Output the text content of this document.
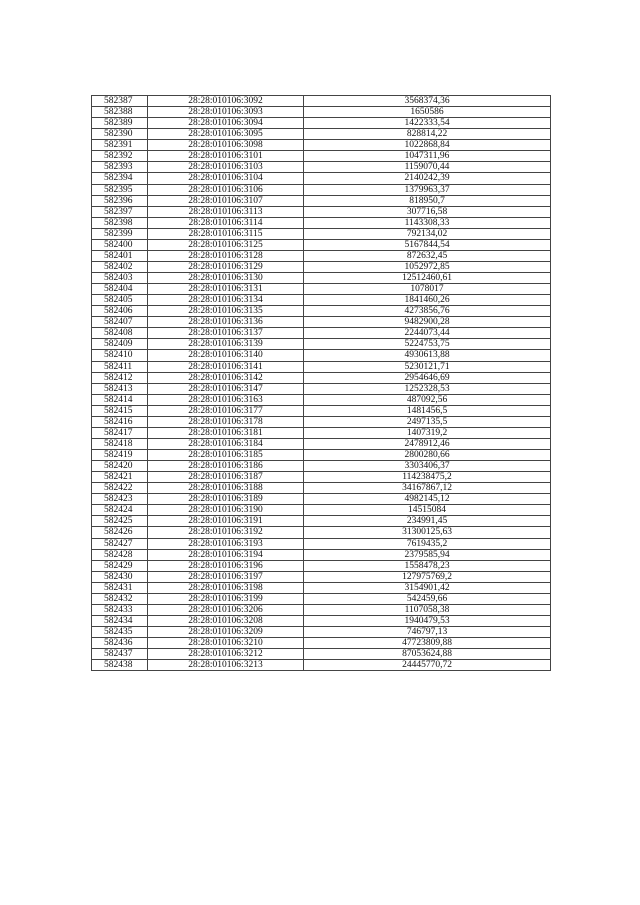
582387	28:28:010106:3092	3568374,36
582388	28:28:010106:3093	1650586
582389	28:28:010106:3094	1422333,54
582390	28:28:010106:3095	828814,22
582391	28:28:010106:3098	1022868,84
582392	28:28:010106:3101	1047311,96
582393	28:28:010106:3103	1159070,44
582394	28:28:010106:3104	2140242,39
582395	28:28:010106:3106	1379963,37
582396	28:28:010106:3107	818950,7
582397	28:28:010106:3113	307716,58
582398	28:28:010106:3114	1143308,33
582399	28:28:010106:3115	792134,02
582400	28:28:010106:3125	5167844,54
582401	28:28:010106:3128	872632,45
582402	28:28:010106:3129	1052972,85
582403	28:28:010106:3130	12512460,61
582404	28:28:010106:3131	1078017
582405	28:28:010106:3134	1841460,26
582406	28:28:010106:3135	4273856,76
582407	28:28:010106:3136	9482900,28
582408	28:28:010106:3137	2244073,44
582409	28:28:010106:3139	5224753,75
582410	28:28:010106:3140	4930613,88
582411	28:28:010106:3141	5230121,71
582412	28:28:010106:3142	2954646,69
582413	28:28:010106:3147	1252328,53
582414	28:28:010106:3163	487092,56
582415	28:28:010106:3177	1481456,5
582416	28:28:010106:3178	2497135,5
582417	28:28:010106:3181	1407319,2
582418	28:28:010106:3184	2478912,46
582419	28:28:010106:3185	2800280,66
582420	28:28:010106:3186	3303406,37
582421	28:28:010106:3187	114238475,2
582422	28:28:010106:3188	34167867,12
582423	28:28:010106:3189	4982145,12
582424	28:28:010106:3190	14515084
582425	28:28:010106:3191	234991,45
582426	28:28:010106:3192	31300125,63
582427	28:28:010106:3193	7619435,2
582428	28:28:010106:3194	2379585,94
582429	28:28:010106:3196	1558478,23
582430	28:28:010106:3197	127975769,2
582431	28:28:010106:3198	3154901,42
582432	28:28:010106:3199	542459,66
582433	28:28:010106:3206	1107058,38
582434	28:28:010106:3208	1940479,53
582435	28:28:010106:3209	746797,13
582436	28:28:010106:3210	47723809,88
582437	28:28:010106:3212	87053624,88
582438	28:28:010106:3213	24445770,72
